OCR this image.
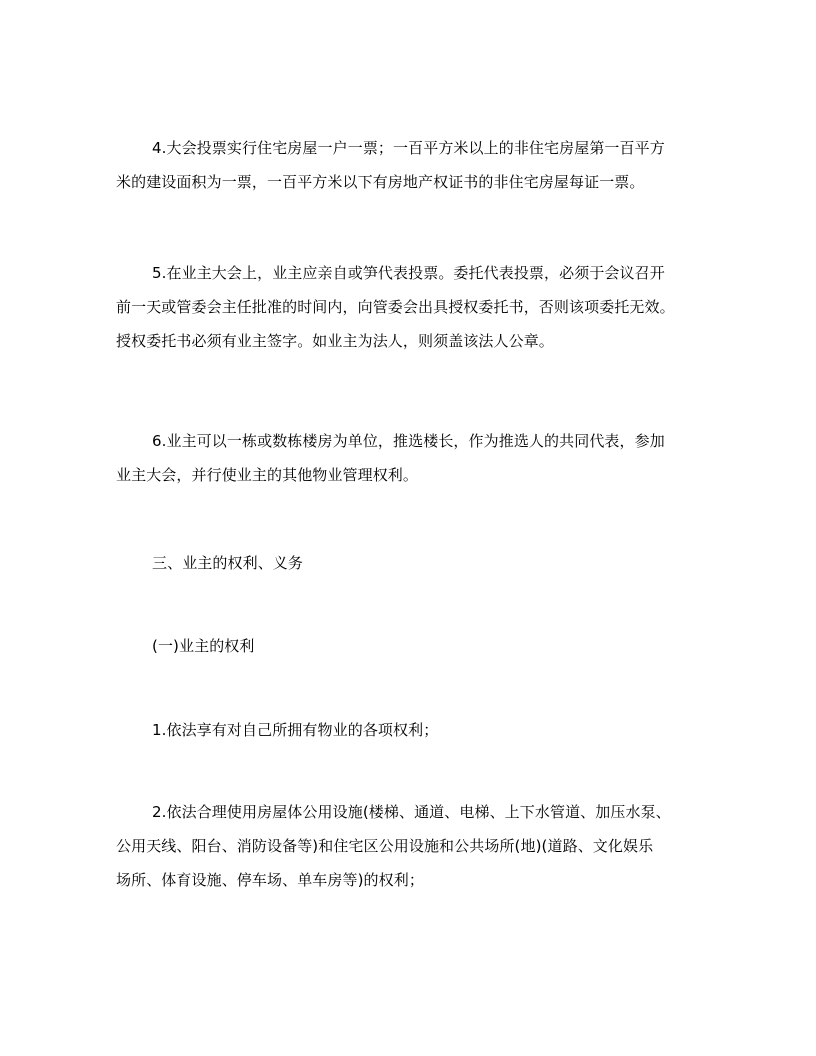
4.大会投票实行住宅房屋一户一票；一百平方米以上的非住宅房屋第一百平方
米的建设面积为一票，一百平方米以下有房地产权证书的非住宅房屋每证一票。
5.在业主大会上，业主应亲自或笋代表投票。委托代表投票，必须于会议召开
前一天或管委会主任批准的时间内，向管委会出具授权委托书，否则该项委托无效。
授权委托书必须有业主签字。如业主为法人，则须盖该法人公章。
6.业主可以一栋或数栋楼房为单位，推选楼长，作为推选人的共同代表，参加
业主大会，并行使业主的其他物业管理权利。
三、业主的权利、义务
(一)业主的权利
1.依法享有对自己所拥有物业的各项权利；
2.依法合理使用房屋体公用设施(楼梯、通道、电梯、上下水管道、加压水泵、
公用天线、阳台、消防设备等)和住宅区公用设施和公共场所(地)(道路、文化娱乐
场所、体育设施、停车场、单车房等)的权利；
